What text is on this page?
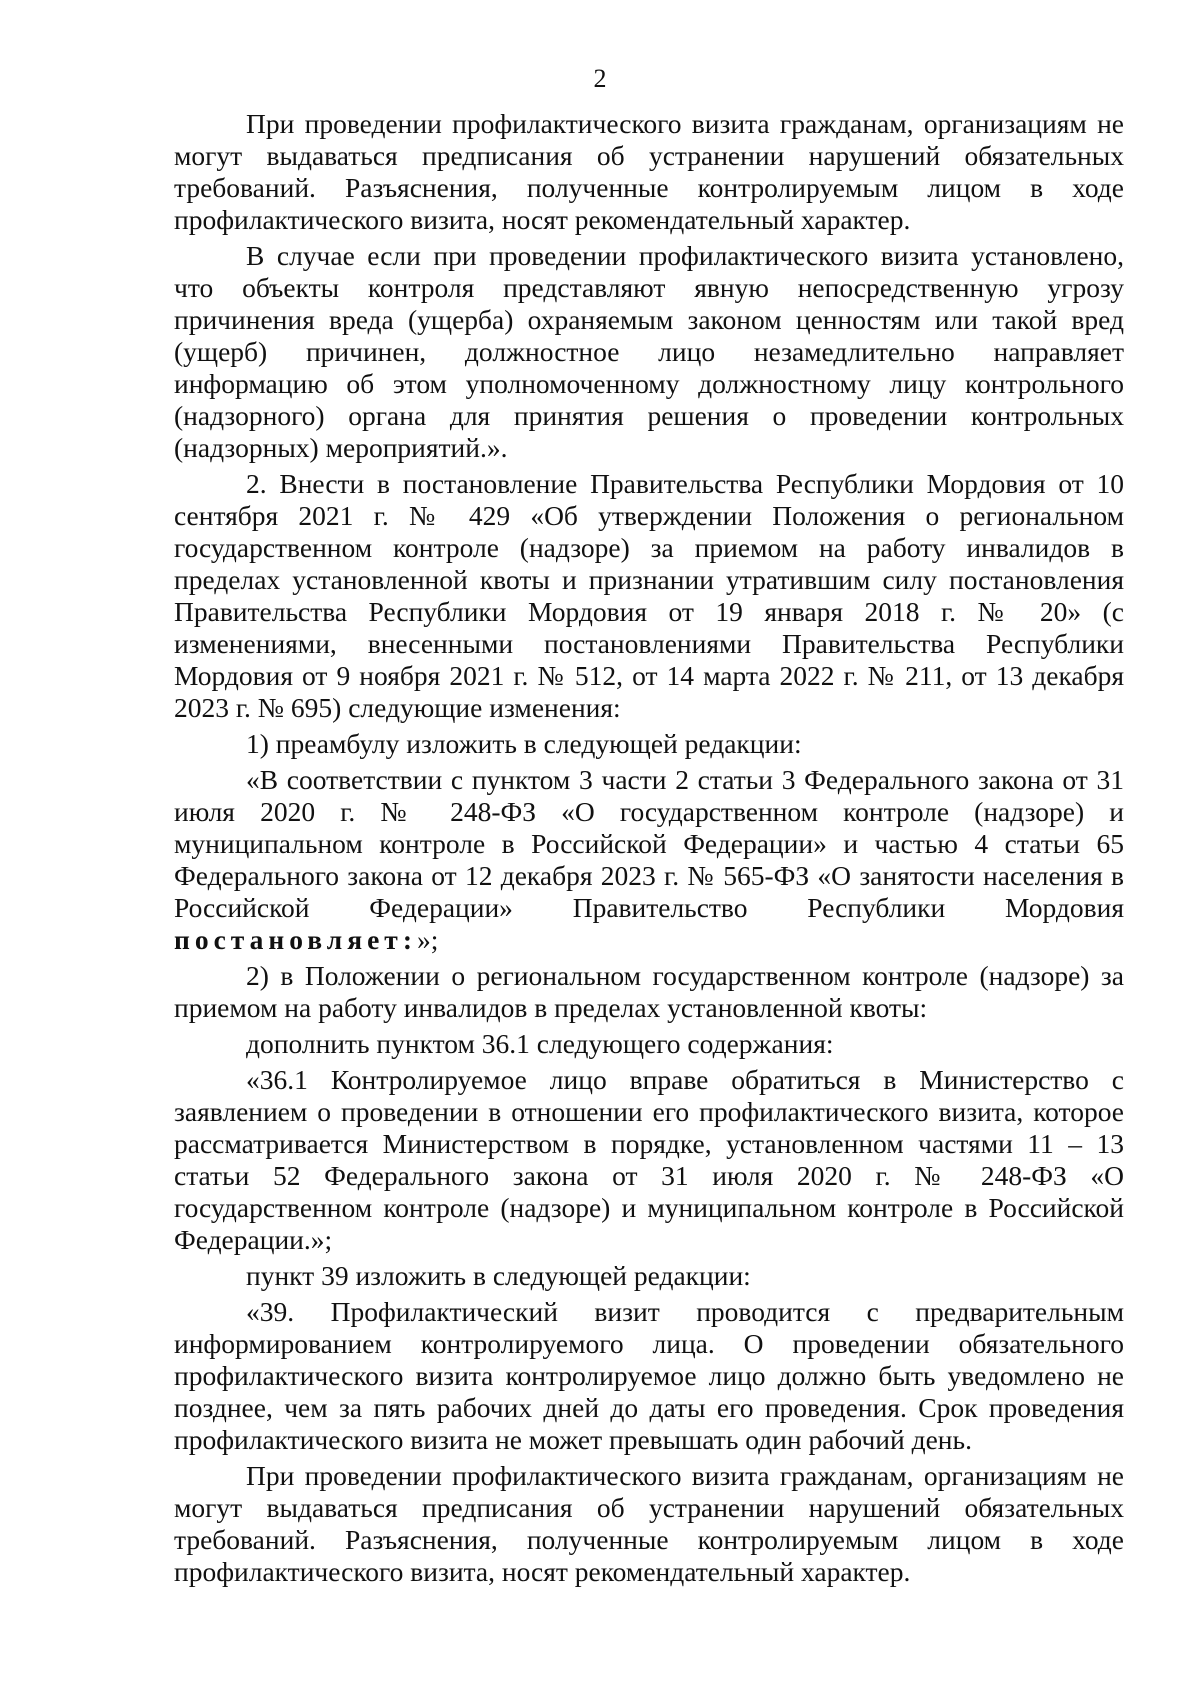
2

При проведении профилактического визита гражданам, организациям не могут выдаваться предписания об устранении нарушений обязательных требований. Разъяснения, полученные контролируемым лицом в ходе профилактического визита, носят рекомендательный характер.

В случае если при проведении профилактического визита установлено, что объекты контроля представляют явную непосредственную угрозу причинения вреда (ущерба) охраняемым законом ценностям или такой вред (ущерб) причинен, должностное лицо незамедлительно направляет информацию об этом уполномоченному должностному лицу контрольного (надзорного) органа для принятия решения о проведении контрольных (надзорных) мероприятий.».

2. Внести в постановление Правительства Республики Мордовия от 10 сентября 2021 г. № 429 «Об утверждении Положения о региональном государственном контроле (надзоре) за приемом на работу инвалидов в пределах установленной квоты и признании утратившим силу постановления Правительства Республики Мордовия от 19 января 2018 г. № 20» (с изменениями, внесенными постановлениями Правительства Республики Мордовия от 9 ноября 2021 г. № 512, от 14 марта 2022 г. № 211, от 13 декабря 2023 г. № 695) следующие изменения:

1) преамбулу изложить в следующей редакции:

«В соответствии с пунктом 3 части 2 статьи 3 Федерального закона от 31 июля 2020 г. № 248-ФЗ «О государственном контроле (надзоре) и муниципальном контроле в Российской Федерации» и частью 4 статьи 65 Федерального закона от 12 декабря 2023 г. № 565-ФЗ «О занятости населения в Российской Федерации» Правительство Республики Мордовия постановляет:»;

2) в Положении о региональном государственном контроле (надзоре) за приемом на работу инвалидов в пределах установленной квоты:

дополнить пунктом 36.1 следующего содержания:

«36.1 Контролируемое лицо вправе обратиться в Министерство с заявлением о проведении в отношении его профилактического визита, которое рассматривается Министерством в порядке, установленном частями 11 – 13 статьи 52 Федерального закона от 31 июля 2020 г. № 248-ФЗ «О государственном контроле (надзоре) и муниципальном контроле в Российской Федерации.»;

пункт 39 изложить в следующей редакции:

«39. Профилактический визит проводится с предварительным информированием контролируемого лица. О проведении обязательного профилактического визита контролируемое лицо должно быть уведомлено не позднее, чем за пять рабочих дней до даты его проведения. Срок проведения профилактического визита не может превышать один рабочий день.

При проведении профилактического визита гражданам, организациям не могут выдаваться предписания об устранении нарушений обязательных требований. Разъяснения, полученные контролируемым лицом в ходе профилактического визита, носят рекомендательный характер.
